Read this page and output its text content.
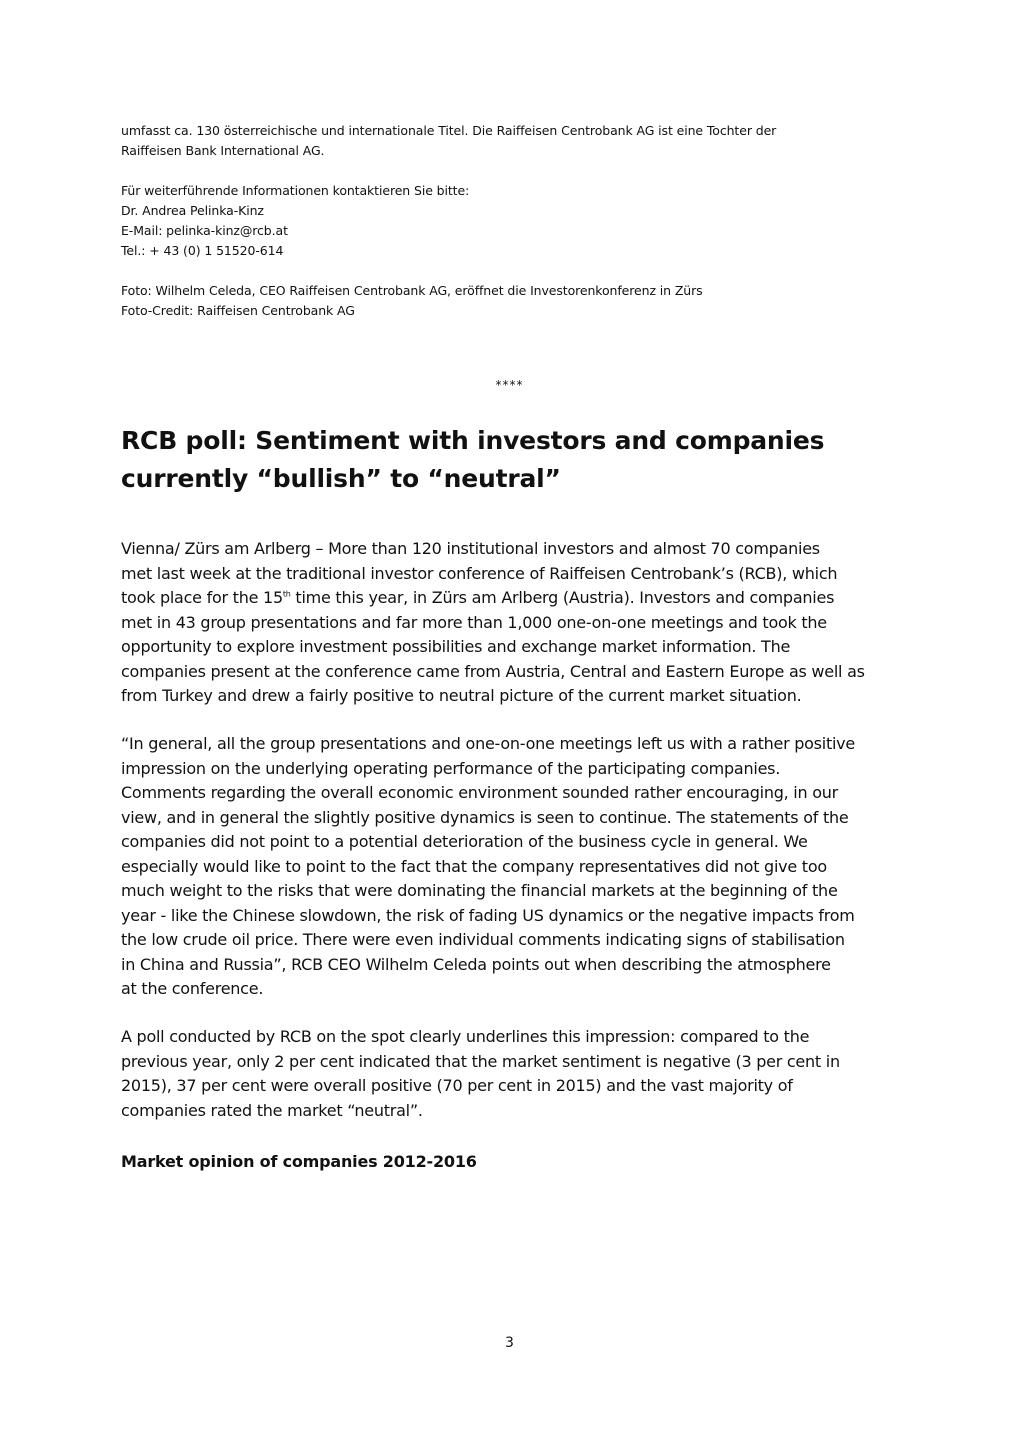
umfasst ca. 130 österreichische und internationale Titel. Die Raiffeisen Centrobank AG ist eine Tochter der

Raiffeisen Bank International AG.

Für weiterführende Informationen kontaktieren Sie bitte:

Dr. Andrea Pelinka-Kinz

E-Mail: pelinka-kinz@rcb.at

Tel.: + 43 (0) 1 51520-614

Foto: Wilhelm Celeda, CEO Raiffeisen Centrobank AG, eröffnet die Investorenkonferenz in Zürs

Foto-Credit: Raiffeisen Centrobank AG

****
RCB poll: Sentiment with investors and companies
currently “bullish” to “neutral”
Vienna/ Zürs am Arlberg – More than 120 institutional investors and almost 70 companies
met last week at the traditional investor conference of Raiffeisen Centrobank’s (RCB), which
took place for the 15th time this year, in Zürs am Arlberg (Austria). Investors and companies
met in 43 group presentations and far more than 1,000 one-on-one meetings and took the
opportunity to explore investment possibilities and exchange market information. The
companies present at the conference came from Austria, Central and Eastern Europe as well as
from Turkey and drew a fairly positive to neutral picture of the current market situation.
“In general, all the group presentations and one-on-one meetings left us with a rather positive
impression on the underlying operating performance of the participating companies.
Comments regarding the overall economic environment sounded rather encouraging, in our
view, and in general the slightly positive dynamics is seen to continue. The statements of the
companies did not point to a potential deterioration of the business cycle in general. We
especially would like to point to the fact that the company representatives did not give too
much weight to the risks that were dominating the financial markets at the beginning of the
year - like the Chinese slowdown, the risk of fading US dynamics or the negative impacts from
the low crude oil price. There were even individual comments indicating signs of stabilisation
in China and Russia”, RCB CEO Wilhelm Celeda points out when describing the atmosphere
at the conference.
A poll conducted by RCB on the spot clearly underlines this impression: compared to the
previous year, only 2 per cent indicated that the market sentiment is negative (3 per cent in
2015), 37 per cent were overall positive (70 per cent in 2015) and the vast majority of
companies rated the market “neutral”.
Market opinion of companies 2012-2016
3
